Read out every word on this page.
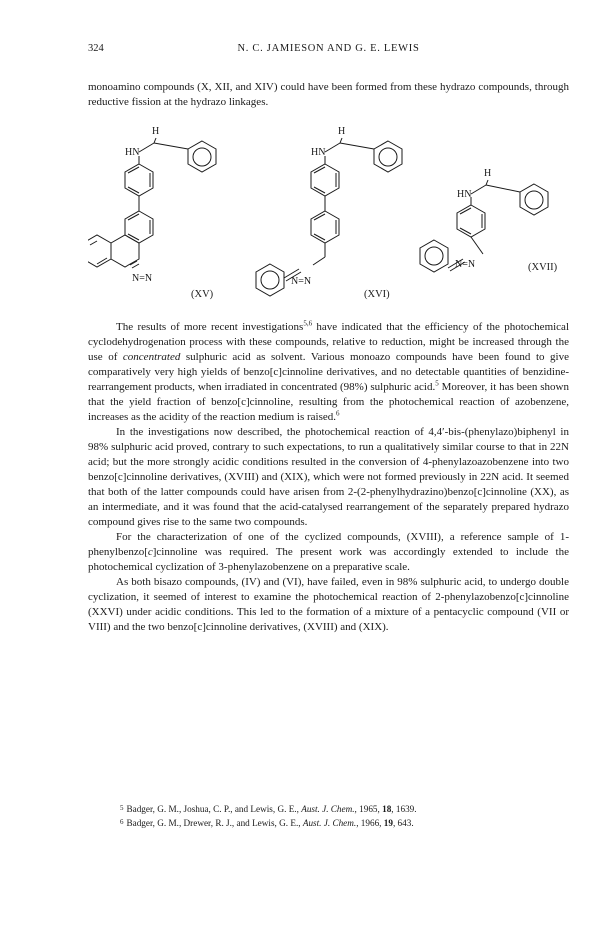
324	N. C. JAMIESON AND G. E. LEWIS

monoamino compounds (X, XII, and XIV) could have been formed from these hydrazo compounds, through reductive fission at the hydrazo linkages.

H
HN
N=N
(XV)
H
HN
N=N
(XVI)
H
HN
N=N	(XVII)

The results of more recent investigations$^{5,6}$ have indicated that the efficiency of the photochemical cyclodehydrogenation process with these compounds, relative to reduction, might be increased through the use of concentrated sulphuric acid as solvent. Various monoazo compounds have been found to give comparatively very high yields of benzo[c]cinnoline derivatives, and no detectable quantities of benzidine-rearrangement products, when irradiated in concentrated (98%) sulphuric acid.$^5$ Moreover, it has been shown that the yield fraction of benzo[c]cinnoline, resulting from the photochemical reaction of azobenzene, increases as the acidity of the reaction medium is raised.$^6$

In the investigations now described, the photochemical reaction of 4,4′-bis-(phenylazo)biphenyl in 98% sulphuric acid proved, contrary to such expectations, to run a qualitatively similar course to that in 22N acid; but the more strongly acidic conditions resulted in the conversion of 4-phenylazoazobenzene into two benzo[c]cinnoline derivatives, (XVIII) and (XIX), which were not formed previously in 22N acid. It seemed that both of the latter compounds could have arisen from 2-(2-phenylhydrazino)benzo[c]cinnoline (XX), as an intermediate, and it was found that the acid-catalysed rearrangement of the separately prepared hydrazo compound gives rise to the same two compounds.

For the characterization of one of the cyclized compounds, (XVIII), a reference sample of 1-phenylbenzo[c]cinnoline was required. The present work was accordingly extended to include the photochemical cyclization of 3-phenylazobenzene on a preparative scale.

As both bisazo compounds, (IV) and (VI), have failed, even in 98% sulphuric acid, to undergo double cyclization, it seemed of interest to examine the photochemical reaction of 2-phenylazobenzo[c]cinnoline (XXVI) under acidic conditions. This led to the formation of a mixture of a pentacyclic compound (VII or VIII) and the two benzo[c]cinnoline derivatives, (XVIII) and (XIX).

$^5$ Badger, G. M., Joshua, C. P., and Lewis, G. E., Aust. J. Chem., 1965, 18, 1639.

$^6$ Badger, G. M., Drewer, R. J., and Lewis, G. E., Aust. J. Chem., 1966, 19, 643.
